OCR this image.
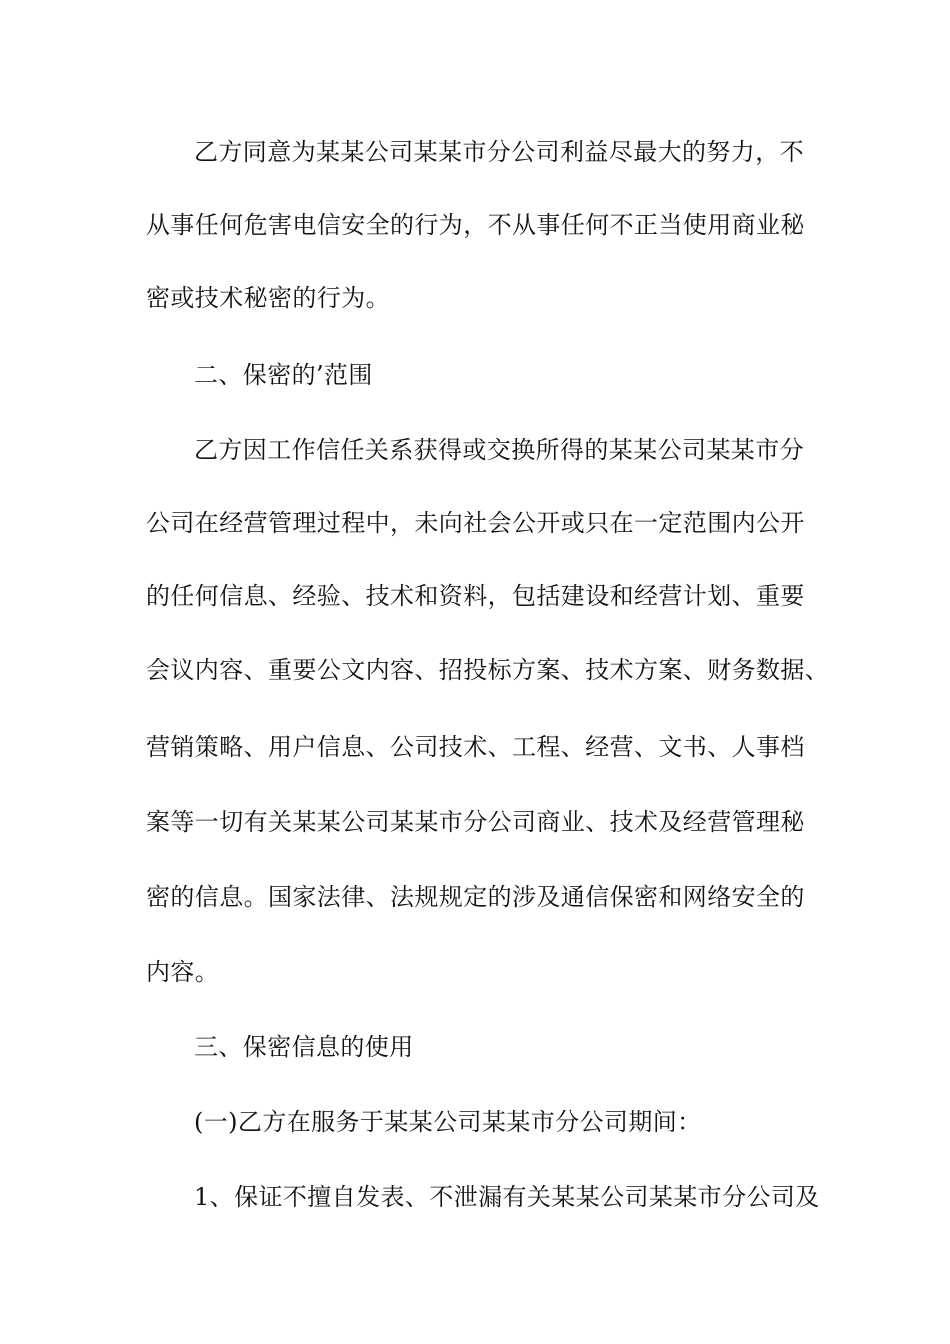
乙方同意为某某公司某某市分公司利益尽最大的努力，不
从事任何危害电信安全的行为，不从事任何不正当使用商业秘
密或技术秘密的行为。
二、保密的’范围
乙方因工作信任关系获得或交换所得的某某公司某某市分
公司在经营管理过程中，未向社会公开或只在一定范围内公开
的任何信息、经验、技术和资料，包括建设和经营计划、重要
会议内容、重要公文内容、招投标方案、技术方案、财务数据、
营销策略、用户信息、公司技术、工程、经营、文书、人事档
案等一切有关某某公司某某市分公司商业、技术及经营管理秘
密的信息。国家法律、法规规定的涉及通信保密和网络安全的
内容。
三、保密信息的使用
(一)乙方在服务于某某公司某某市分公司期间：
1、保证不擅自发表、不泄漏有关某某公司某某市分公司及
